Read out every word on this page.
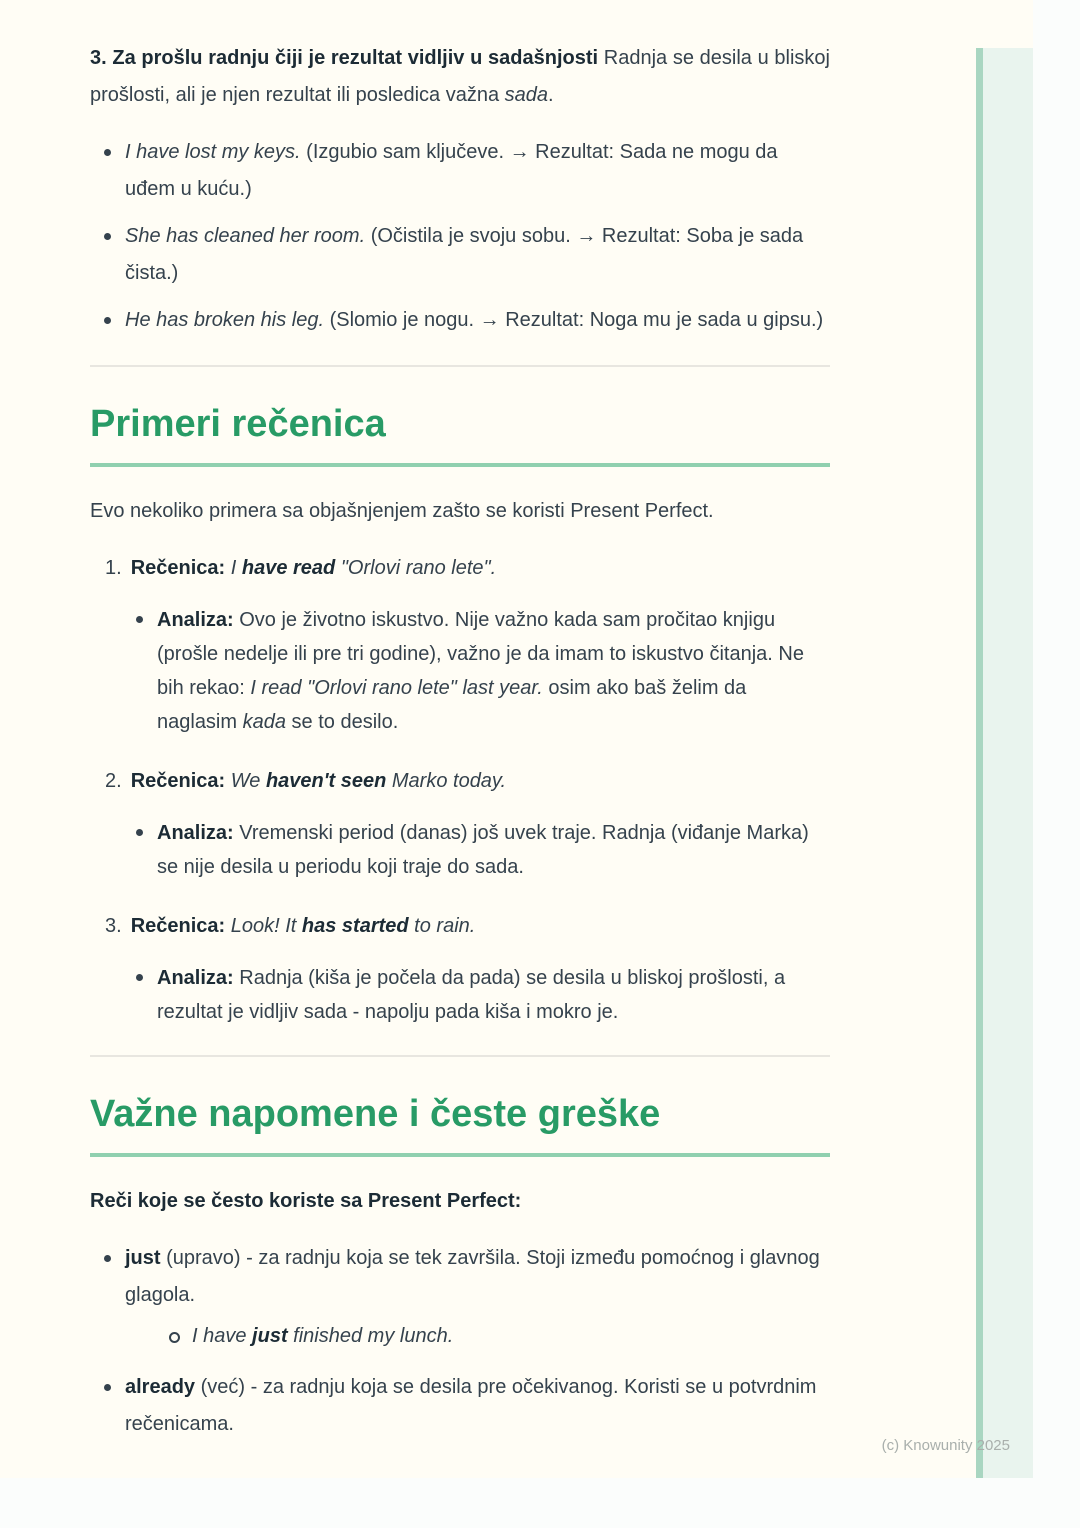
3. Za prošlu radnju čiji je rezultat vidljiv u sadašnjosti Radnja se desila u bliskoj prošlosti, ali je njen rezultat ili posledica važna sada.

I have lost my keys. (Izgubio sam ključeve. → Rezultat: Sada ne mogu da uđem u kuću.)
She has cleaned her room. (Očistila je svoju sobu. → Rezultat: Soba je sada čista.)
He has broken his leg. (Slomio je nogu. → Rezultat: Noga mu je sada u gipsu.)
Primeri rečenica

Evo nekoliko primera sa objašnjenjem zašto se koristi Present Perfect.

1. Rečenica: I have read "Orlovi rano lete".
Analiza: Ovo je životno iskustvo. Nije važno kada sam pročitao knjigu (prošle nedelje ili pre tri godine), važno je da imam to iskustvo čitanja. Ne bih rekao: I read "Orlovi rano lete" last year. osim ako baš želim da naglasim kada se to desilo.
2. Rečenica: We haven't seen Marko today.
Analiza: Vremenski period (danas) još uvek traje. Radnja (viđanje Marka) se nije desila u periodu koji traje do sada.
3. Rečenica: Look! It has started to rain.
Analiza: Radnja (kiša je počela da pada) se desila u bliskoj prošlosti, a rezultat je vidljiv sada - napolju pada kiša i mokro je.
Važne napomene i česte greške

Reči koje se često koriste sa Present Perfect:

just (upravo) - za radnju koja se tek završila. Stoji između pomoćnog i glavnog glagola.
I have just finished my lunch.
already (već) - za radnju koja se desila pre očekivanog. Koristi se u potvrdnim rečenicama.
(c) Knowunity 2025
